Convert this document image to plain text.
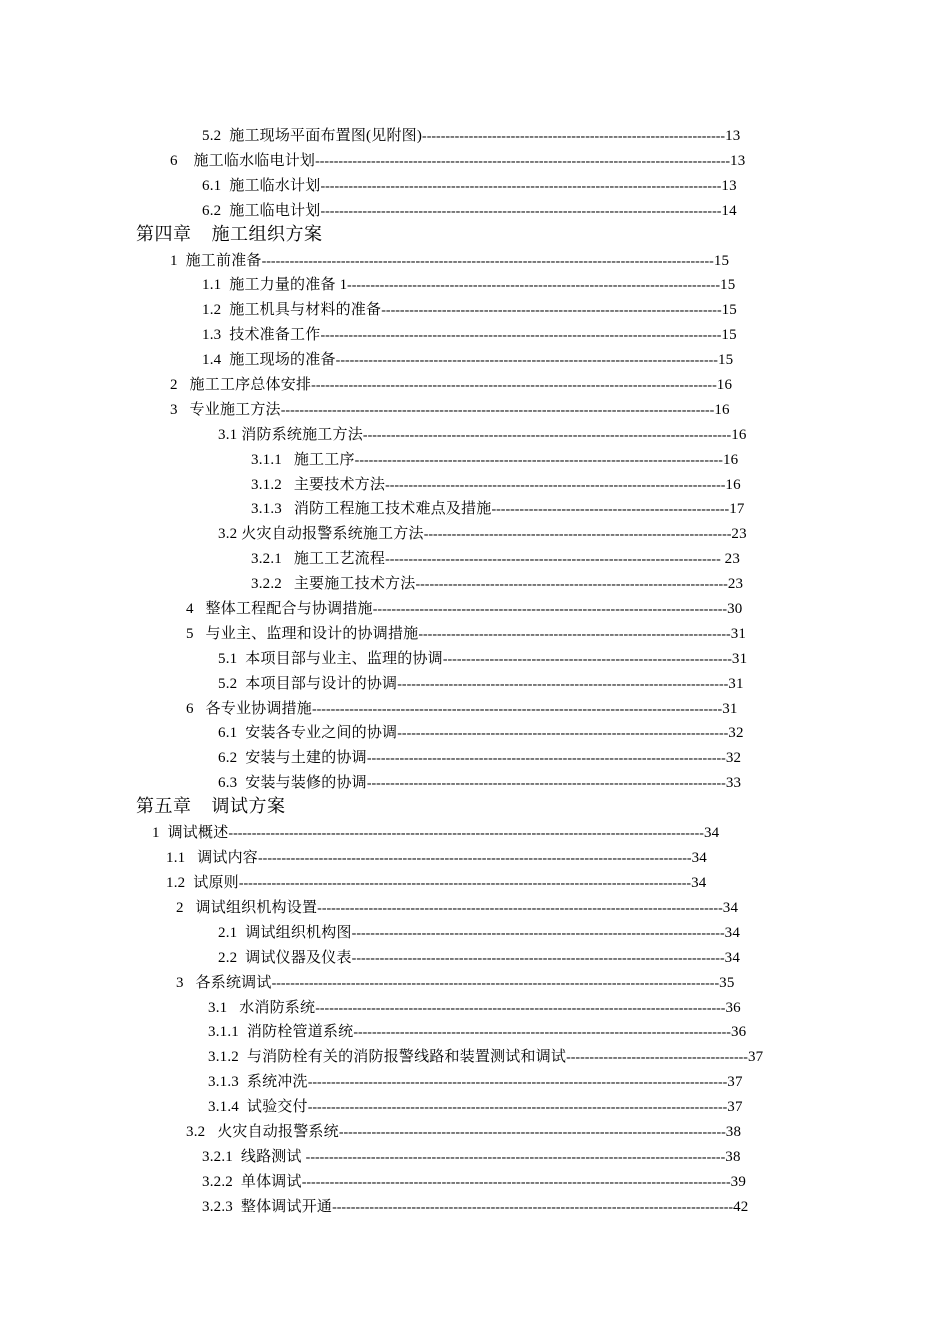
5.2  施工现场平面布置图(见附图)-----------------------------------------------------------------13
6    施工临水临电计划-----------------------------------------------------------------------------------------13
6.1  施工临水计划--------------------------------------------------------------------------------------13
6.2  施工临电计划--------------------------------------------------------------------------------------14
第四章    施工组织方案
1  施工前准备-------------------------------------------------------------------------------------------------15
1.1  施工力量的准备 1--------------------------------------------------------------------------------15
1.2  施工机具与材料的准备-------------------------------------------------------------------------15
1.3  技术准备工作--------------------------------------------------------------------------------------15
1.4  施工现场的准备----------------------------------------------------------------------------------15
2   施工工序总体安排---------------------------------------------------------------------------------------16
3   专业施工方法---------------------------------------------------------------------------------------------16
3.1 消防系统施工方法-------------------------------------------------------------------------------16
3.1.1   施工工序-------------------------------------------------------------------------------16
3.1.2   主要技术方法-------------------------------------------------------------------------16
3.1.3   消防工程施工技术难点及措施---------------------------------------------------17
3.2 火灾自动报警系统施工方法------------------------------------------------------------------23
3.2.1   施工工艺流程------------------------------------------------------------------------ 23
3.2.2   主要施工技术方法-------------------------------------------------------------------23
4   整体工程配合与协调措施----------------------------------------------------------------------------30
5   与业主、监理和设计的协调措施-------------------------------------------------------------------31
5.1  本项目部与业主、监理的协调--------------------------------------------------------------31
5.2  本项目部与设计的协调-----------------------------------------------------------------------31
6   各专业协调措施----------------------------------------------------------------------------------------31
6.1  安装各专业之间的协调-----------------------------------------------------------------------32
6.2  安装与土建的协调-----------------------------------------------------------------------------32
6.3  安装与装修的协调-----------------------------------------------------------------------------33
第五章    调试方案
1  调试概述------------------------------------------------------------------------------------------------------34
1.1   调试内容---------------------------------------------------------------------------------------------34
1.2  试原则-------------------------------------------------------------------------------------------------34
2   调试组织机构设置---------------------------------------------------------------------------------------34
2.1  调试组织机构图--------------------------------------------------------------------------------34
2.2  调试仪器及仪表--------------------------------------------------------------------------------34
3   各系统调试------------------------------------------------------------------------------------------------35
3.1   水消防系统----------------------------------------------------------------------------------------36
3.1.1  消防栓管道系统---------------------------------------------------------------------------------36
3.1.2  与消防栓有关的消防报警线路和装置测试和调试---------------------------------------37
3.1.3  系统冲洗------------------------------------------------------------------------------------------37
3.1.4  试验交付------------------------------------------------------------------------------------------37
3.2   火灾自动报警系统-----------------------------------------------------------------------------------38
3.2.1  线路测试 ------------------------------------------------------------------------------------------38
3.2.2  单体调试--------------------------------------------------------------------------------------------39
3.2.3  整体调试开通--------------------------------------------------------------------------------------42
